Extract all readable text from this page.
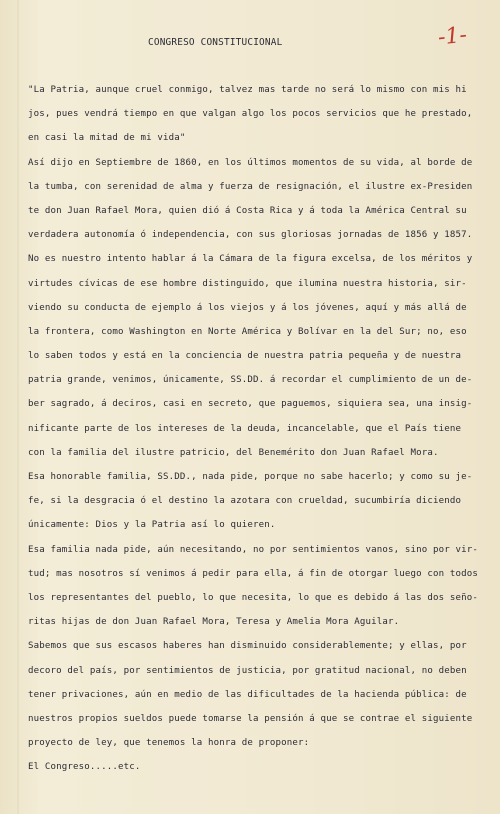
CONGRESO CONSTITUCIONAL	-1-
"La Patria, aunque cruel conmigo, talvez mas tarde no será lo mismo con mis hi
jos, pues vendrá tiempo en que valgan algo los pocos servicios que he prestado,
en casi la mitad de mi vida"
Así dijo en Septiembre de 1860, en los últimos momentos de su vida, al borde de
la tumba, con serenidad de alma y fuerza de resignación, el ilustre ex-Presiden
te don Juan Rafael Mora, quien dió á Costa Rica y á toda la América Central su
verdadera autonomía ó independencia, con sus gloriosas jornadas de 1856 y 1857.
No es nuestro intento hablar á la Cámara de la figura excelsa, de los méritos y
virtudes cívicas de ese hombre distinguido, que ilumina nuestra historia, sir-
viendo su conducta de ejemplo á los viejos y á los jóvenes, aquí y más allá de
la frontera, como Washington en Norte América y Bolívar en la del Sur; no, eso
lo saben todos y está en la conciencia de nuestra patria pequeña y de nuestra
patria grande, venimos, únicamente, SS.DD. á recordar el cumplimiento de un de-
ber sagrado, á deciros, casi en secreto, que paguemos, siquiera sea, una insig-
nificante parte de los intereses de la deuda, incancelable, que el País tiene
con la familia del ilustre patricio, del Benemérito don Juan Rafael Mora.
Esa honorable familia, SS.DD., nada pide, porque no sabe hacerlo; y como su je-
fe, si la desgracia ó el destino la azotara con crueldad, sucumbiría diciendo
únicamente: Dios y la Patria así lo quieren.
Esa familia nada pide, aún necesitando, no por sentimientos vanos, sino por vir-
tud; mas nosotros sí venimos á pedir para ella, á fin de otorgar luego con todos
los representantes del pueblo, lo que necesita, lo que es debido á las dos seño-
ritas hijas de don Juan Rafael Mora, Teresa y Amelia Mora Aguilar.
Sabemos que sus escasos haberes han disminuido considerablemente; y ellas, por
decoro del país, por sentimientos de justicia, por gratitud nacional, no deben
tener privaciones, aún en medio de las dificultades de la hacienda pública: de
nuestros propios sueldos puede tomarse la pensión á que se contrae el siguiente
proyecto de ley, que tenemos la honra de proponer:
El Congreso.....etc.
